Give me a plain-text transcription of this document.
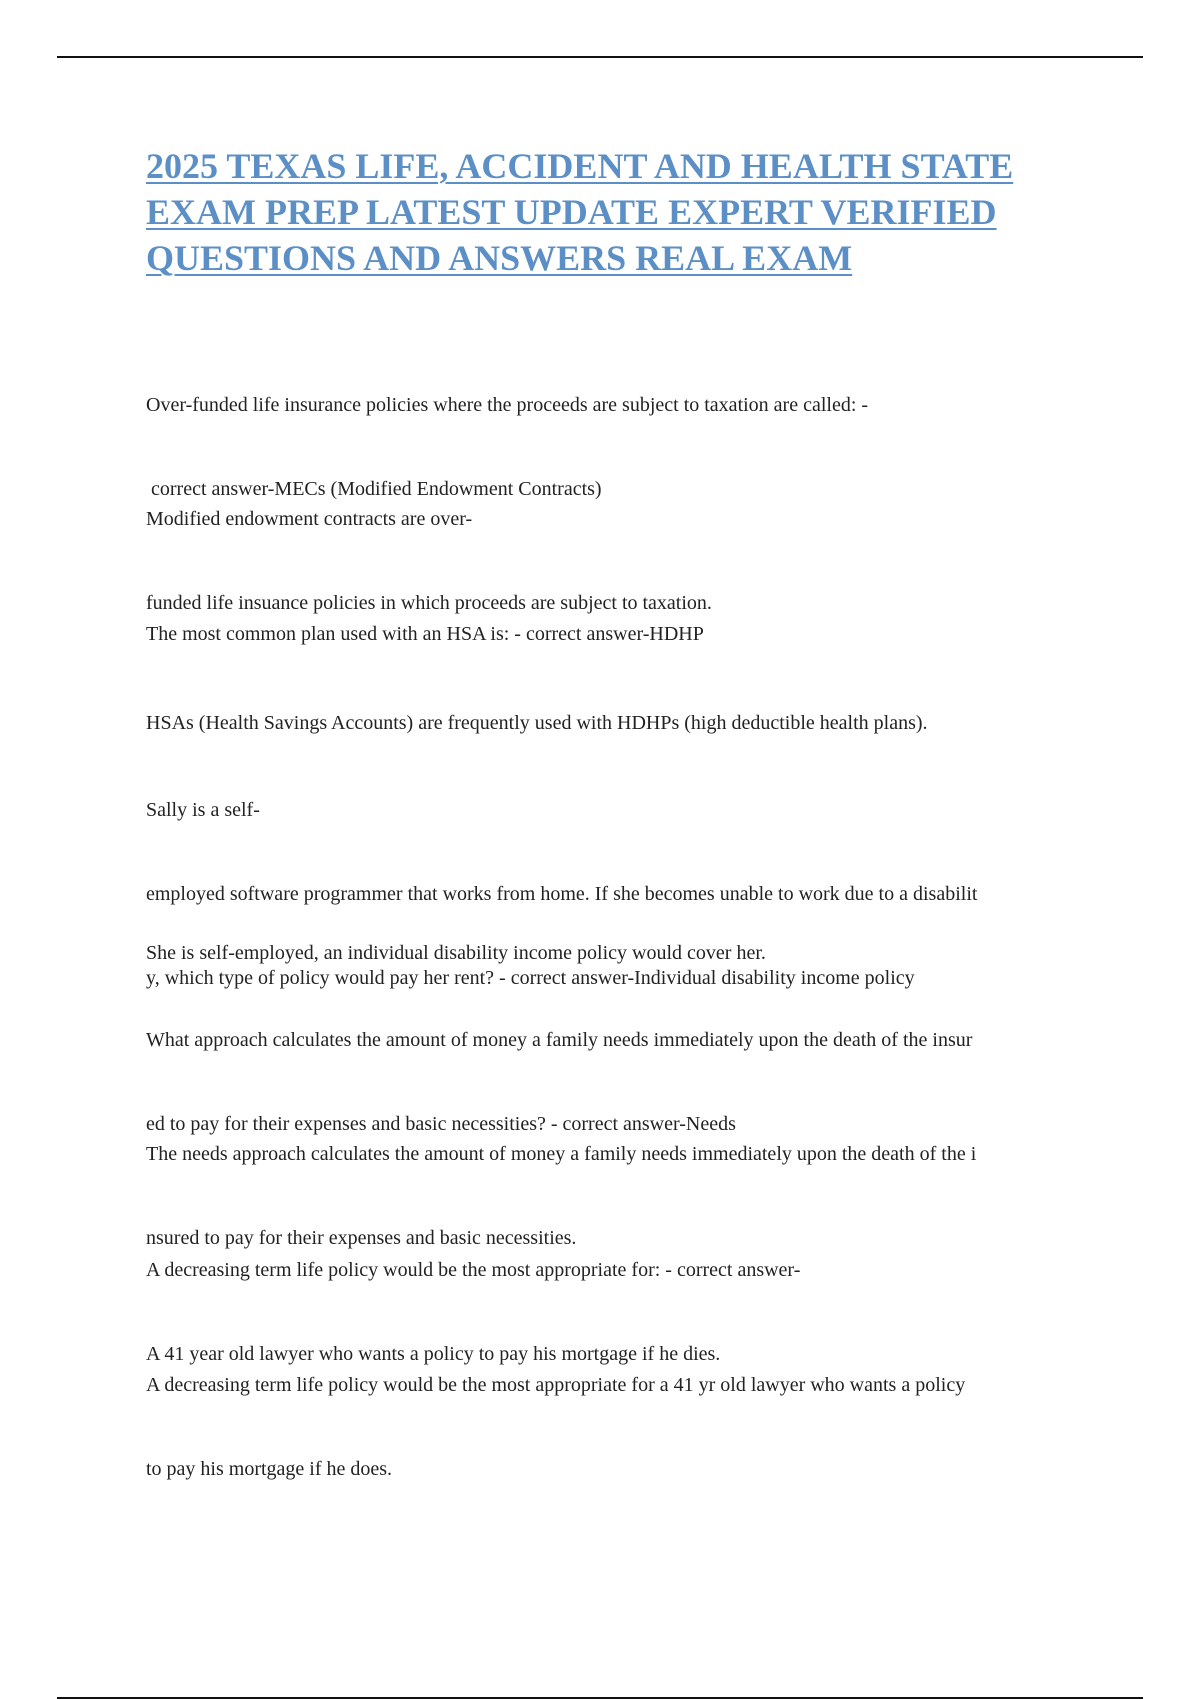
2025 TEXAS LIFE, ACCIDENT AND HEALTH STATE
EXAM PREP LATEST UPDATE EXPERT VERIFIED
QUESTIONS AND ANSWERS REAL EXAM

Over-funded life insurance policies where the proceeds are subject to taxation are called: -

correct answer-MECs (Modified Endowment Contracts)

Modified endowment contracts are over-

funded life insuance policies in which proceeds are subject to taxation.

The most common plan used with an HSA is: - correct answer-HDHP

HSAs (Health Savings Accounts) are frequently used with HDHPs (high deductible health plans).

Sally is a self-

employed software programmer that works from home. If she becomes unable to work due to a disabilit

y, which type of policy would pay her rent? - correct answer-Individual disability income policy

She is self-employed, an individual disability income policy would cover her.

What approach calculates the amount of money a family needs immediately upon the death of the insur

ed to pay for their expenses and basic necessities? - correct answer-Needs

The needs approach calculates the amount of money a family needs immediately upon the death of the i

nsured to pay for their expenses and basic necessities.

A decreasing term life policy would be the most appropriate for: - correct answer-

A 41 year old lawyer who wants a policy to pay his mortgage if he dies.

A decreasing term life policy would be the most appropriate for a 41 yr old lawyer who wants a policy

to pay his mortgage if he does.
